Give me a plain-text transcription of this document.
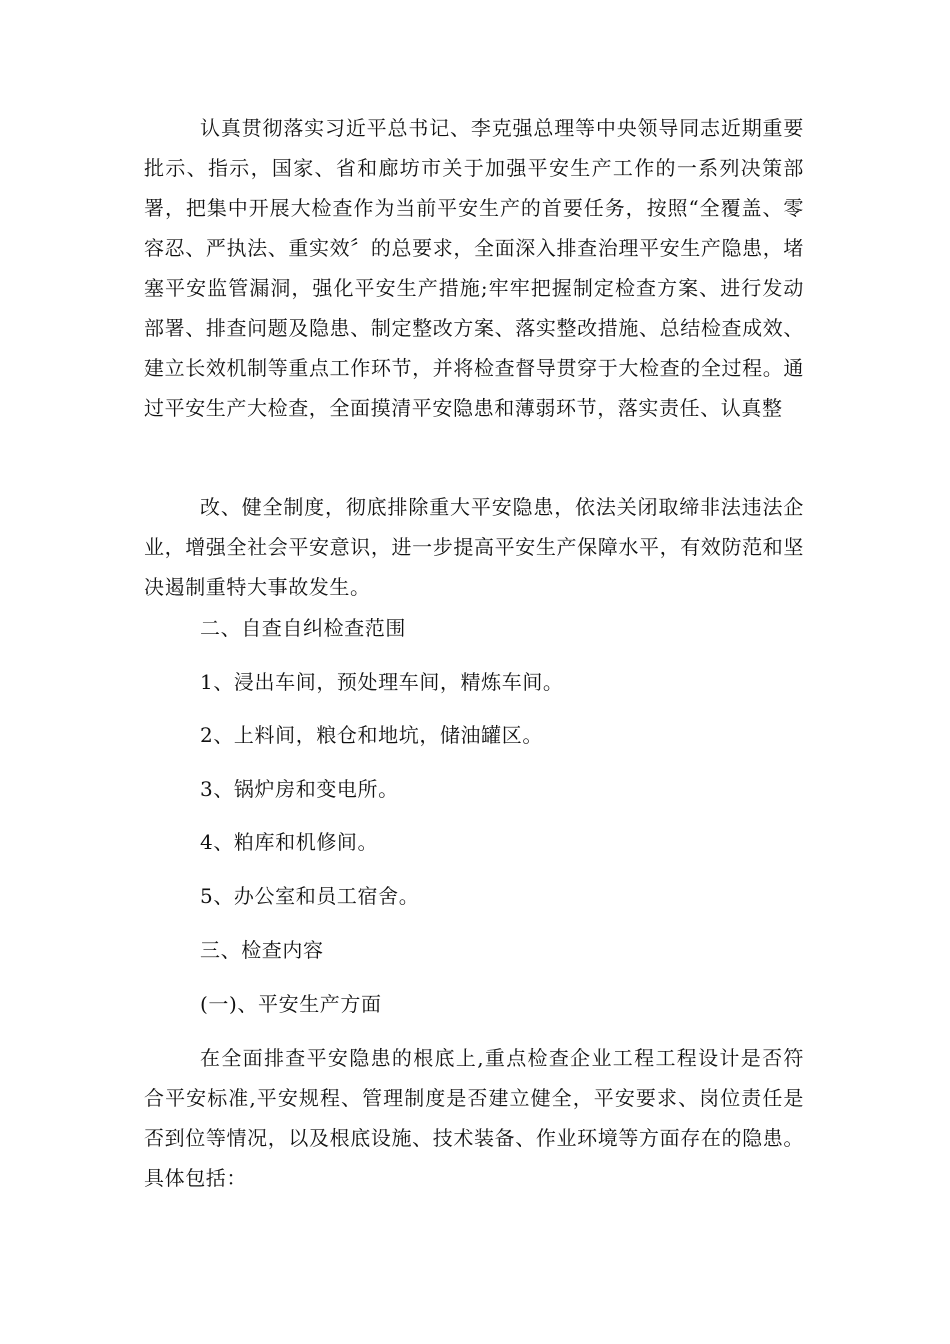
认真贯彻落实习近平总书记、李克强总理等中央领导同志近期重要批示、指示，国家、省和廊坊市关于加强平安生产工作的一系列决策部署，把集中开展大检查作为当前平安生产的首要任务，按照“全覆盖、零容忍、严执法、重实效〞的总要求，全面深入排查治理平安生产隐患，堵塞平安监管漏洞，强化平安生产措施;牢牢把握制定检查方案、进行发动部署、排查问题及隐患、制定整改方案、落实整改措施、总结检查成效、建立长效机制等重点工作环节，并将检查督导贯穿于大检查的全过程。通过平安生产大检查，全面摸清平安隐患和薄弱环节，落实责任、认真整

改、健全制度，彻底排除重大平安隐患，依法关闭取缔非法违法企业，增强全社会平安意识，进一步提高平安生产保障水平，有效防范和坚决遏制重特大事故发生。

二、自查自纠检查范围

1、浸出车间，预处理车间，精炼车间。

2、上料间，粮仓和地坑，储油罐区。

3、锅炉房和变电所。

4、粕库和机修间。

5、办公室和员工宿舍。

三、检查内容

(一)、平安生产方面

在全面排查平安隐患的根底上,重点检查企业工程工程设计是否符合平安标准,平安规程、管理制度是否建立健全，平安要求、岗位责任是否到位等情况，以及根底设施、技术装备、作业环境等方面存在的隐患。具体包括：
